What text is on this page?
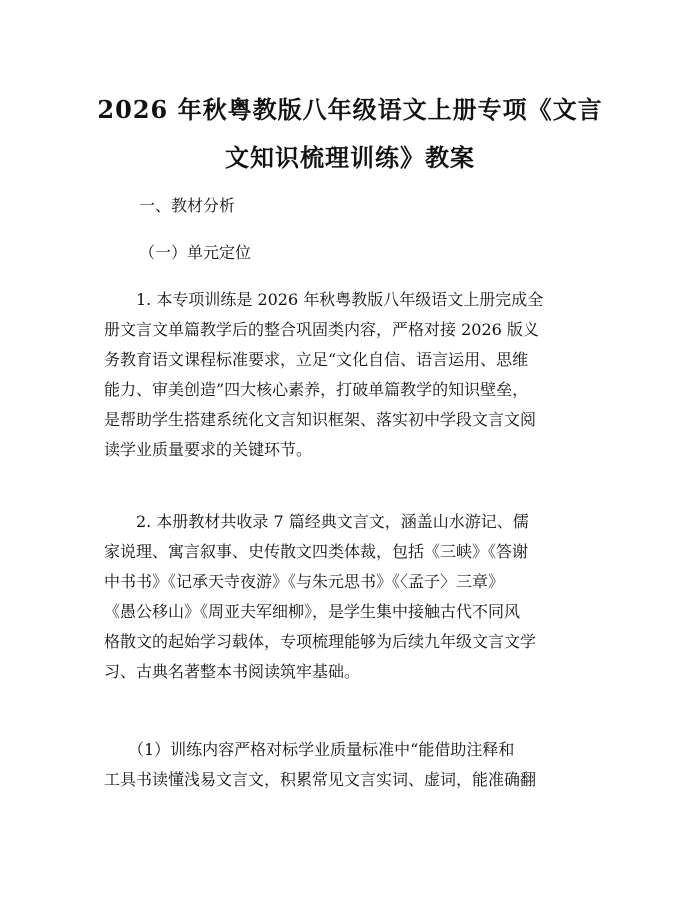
2026 年秋粤教版八年级语文上册专项《文言
文知识梳理训练》教案
一、教材分析
（一）单元定位

　　1. 本专项训练是 2026 年秋粤教版八年级语文上册完成全
册文言文单篇教学后的整合巩固类内容，严格对接 2026 版义
务教育语文课程标准要求，立足“文化自信、语言运用、思维
能力、审美创造”四大核心素养，打破单篇教学的知识壁垒，
是帮助学生搭建系统化文言知识框架、落实初中学段文言文阅
读学业质量要求的关键环节。

　　2. 本册教材共收录 7 篇经典文言文，涵盖山水游记、儒
家说理、寓言叙事、史传散文四类体裁，包括《三峡》《答谢
中书书》《记承天寺夜游》《与朱元思书》《〈孟子〉三章》
《愚公移山》《周亚夫军细柳》，是学生集中接触古代不同风
格散文的起始学习载体，专项梳理能够为后续九年级文言文学
习、古典名著整本书阅读筑牢基础。

　　（1）训练内容严格对标学业质量标准中“能借助注释和
工具书读懂浅易文言文，积累常见文言实词、虚词，能准确翻
